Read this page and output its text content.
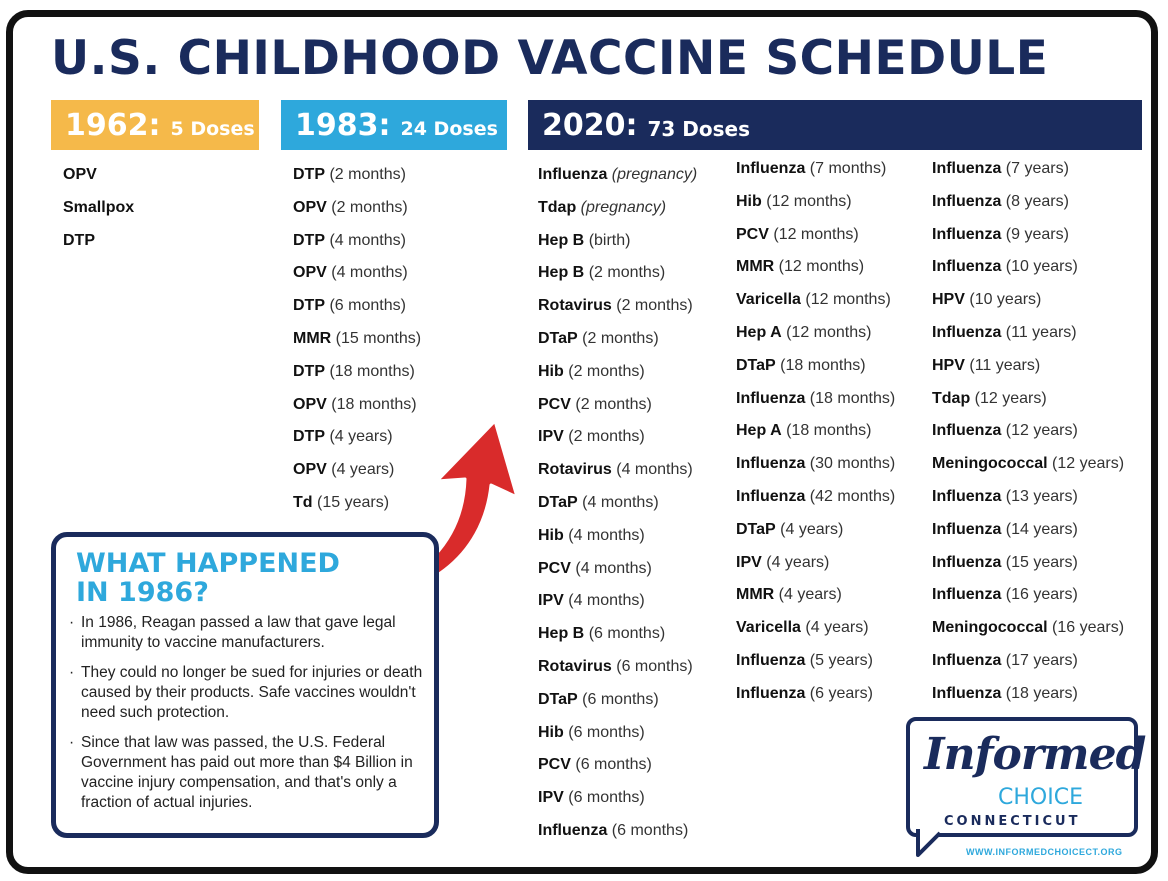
U.S. CHILDHOOD VACCINE SCHEDULE
1962: 5 Doses 1983: 24 Doses 2020: 73 Doses
OPV
Smallpox
DTP
DTP (2 months)
OPV (2 months)
DTP (4 months)
OPV (4 months)
DTP (6 months)
MMR (15 months)
DTP (18 months)
OPV (18 months)
DTP (4 years)
OPV (4 years)
Td (15 years)
Influenza (pregnancy)
Tdap (pregnancy)
Hep B (birth)
Hep B (2 months)
Rotavirus (2 months)
DTaP (2 months)
Hib (2 months)
PCV (2 months)
IPV (2 months)
Rotavirus (4 months)
DTaP (4 months)
Hib (4 months)
PCV (4 months)
IPV (4 months)
Hep B (6 months)
Rotavirus (6 months)
DTaP (6 months)
Hib (6 months)
PCV (6 months)
IPV (6 months)
Influenza (6 months)
Influenza (7 months)
Hib (12 months)
PCV (12 months)
MMR (12 months)
Varicella (12 months)
Hep A (12 months)
DTaP (18 months)
Influenza (18 months)
Hep A (18 months)
Influenza (30 months)
Influenza (42 months)
DTaP (4 years)
IPV (4 years)
MMR (4 years)
Varicella (4 years)
Influenza (5 years)
Influenza (6 years)
Influenza (7 years)
Influenza (8 years)
Influenza (9 years)
Influenza (10 years)
HPV (10 years)
Influenza (11 years)
HPV (11 years)
Tdap (12 years)
Influenza (12 years)
Meningococcal (12 years)
Influenza (13 years)
Influenza (14 years)
Influenza (15 years)
Influenza (16 years)
Meningococcal (16 years)
Influenza (17 years)
Influenza (18 years)
WHAT HAPPENED
IN 1986?
· In 1986, Reagan passed a law that gave legal immunity to vaccine manufacturers.
· They could no longer be sued for injuries or death caused by their products. Safe vaccines wouldn't need such protection.
· Since that law was passed, the U.S. Federal Government has paid out more than $4 Billion in vaccine injury compensation, and that's only a fraction of actual injuries.
Informed
CHOICE
CONNECTICUT
WWW.INFORMEDCHOICECT.ORG
